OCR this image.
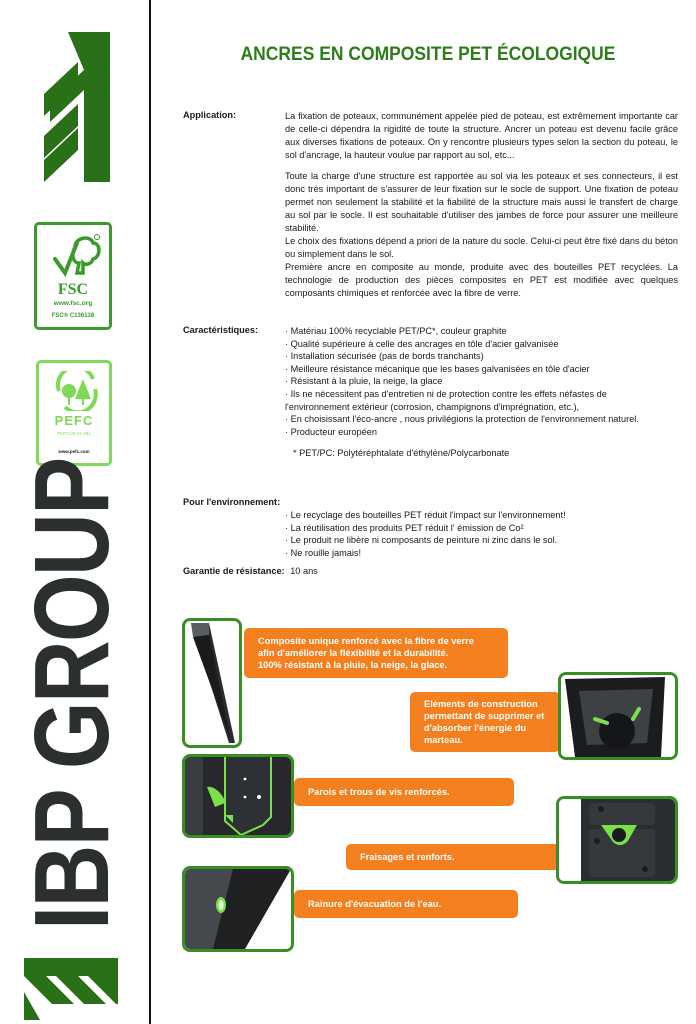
FSC
www.fsc.org
FSC® C136138
PEFC
PEFC/33-31-361
www.pefc.com
IBP GROUP
ANCRES EN COMPOSITE PET ÉCOLOGIQUE
Application:	La fixation de poteaux, communément appelée pied de poteau, est extrêmement importante car de celle-ci dépendra la rigidité de toute la structure. Ancrer un poteau est devenu facile grâce aux diverses fixations de poteaux. On y rencontre plusieurs types selon la section du poteau, le sol d'ancrage, la hauteur voulue par rapport au sol, etc...

Toute la charge d'une structure est rapportée au sol via les poteaux et ses connecteurs, il est donc très important de s'assurer de leur fixation sur le socle de support. Une fixation de poteau permet non seulement la stabilité et la fiabilité de la structure mais aussi le transfert de charge au sol par le socle. Il est souhaitable d'utiliser des jambes de force pour assurer une meilleure stabilité.

Le choix des fixations dépend a priori de la nature du socle. Celui-ci peut être fixé dans du béton ou simplement dans le sol.

Première ancre en composite au monde, produite avec des bouteilles PET recyclées. La technologie de production des pièces composites en PET est modifiée avec quelques composants chimiques et renforcée avec la fibre de verre.

Caractéristiques:	· Matériau 100% recyclable PET/PC*, couleur graphite
· Qualité supérieure à celle des ancrages en tôle d'acier galvanisée
· Installation sécurisée (pas de bords tranchants)
· Meilleure résistance mécanique que les bases galvanisées en tôle d'acier
· Résistant à la pluie, la neige, la glace
· Ils ne nécessitent pas d'entretien ni de protection contre les effets néfastes de l'environnement extérieur (corrosion, champignons d'imprégnation, etc.),
· En choisissant l'éco-ancre , nous privilégions la protection de l'environnement naturel.
· Producteur européen
* PET/PC: Polytéréphtalate d'éthylène/Polycarbonate
Pour l'environnement:
· Le recyclage des bouteilles PET réduit l'impact sur l'environnement!
· La réutilisation des produits PET réduit l' émission de Co²
· Le produit ne libère ni composants de peinture ni zinc dans le sol.
· Ne rouille jamais!
Garantie de résistance: 10 ans
Composite unique renforcé avec la fibre de verre
afin d'améliorer la fléxibilité et la durabilité.
100% résistant à la pluie, la neige, la glace.
Eléments de construction
permettant de supprimer et
d'absorber l'énergie du
marteau.
Parois et trous de vis renforcés.
Fraisages et renforts.
Rainure d'évacuation de l'eau.
